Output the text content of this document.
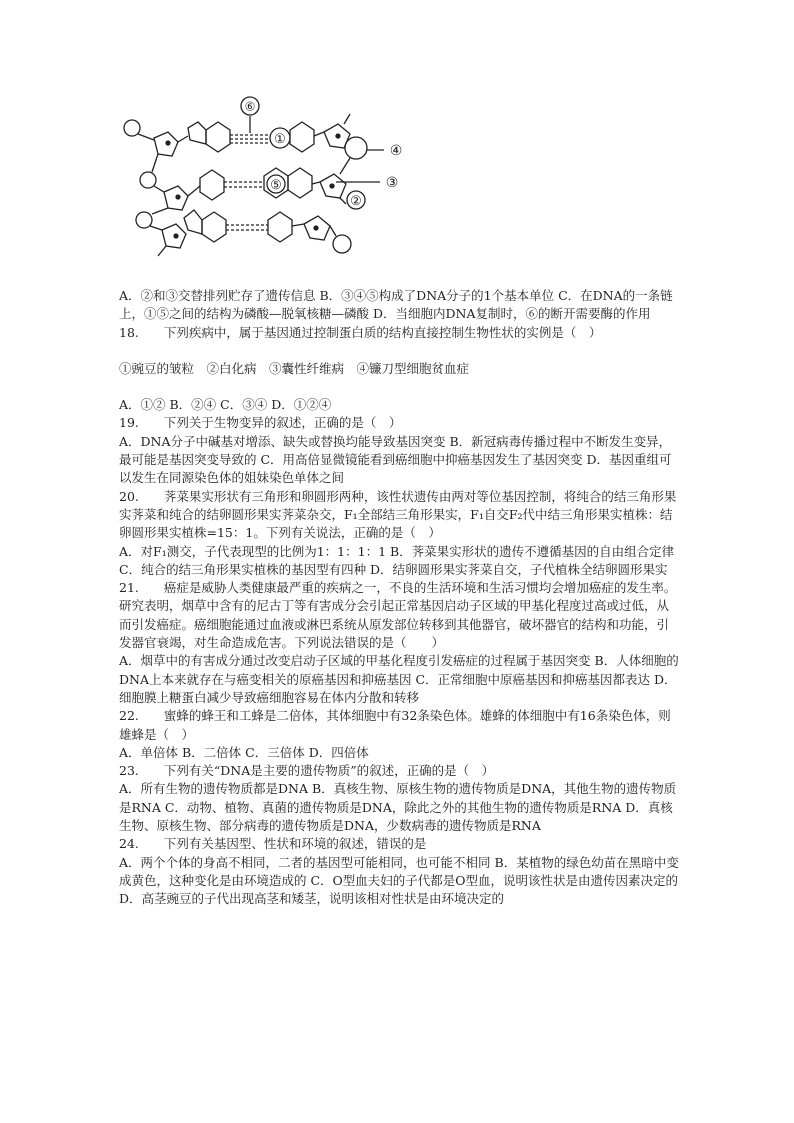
⑥
①
⑤
②
③
④

A．②和③交替排列贮存了遗传信息 B．③④⑤构成了DNA分子的1个基本单位 C．在DNA的一条链上，①⑤之间的结构为磷酸—脱氧核糖—磷酸 D．当细胞内DNA复制时，⑥的断开需要酶的作用

18.　　下列疾病中，属于基因通过控制蛋白质的结构直接控制生物性状的实例是（　）

①豌豆的皱粒　②白化病　③囊性纤维病　④镰刀型细胞贫血症

A．①② B．②④ C．③④ D．①②④

19.　　下列关于生物变异的叙述，正确的是（　）

A．DNA分子中碱基对增添、缺失或替换均能导致基因突变 B．新冠病毒传播过程中不断发生变异，最可能是基因突变导致的 C．用高倍显微镜能看到癌细胞中抑癌基因发生了基因突变 D．基因重组可以发生在同源染色体的姐妹染色单体之间

20.　　荠菜果实形状有三角形和卵圆形两种，该性状遗传由两对等位基因控制，将纯合的结三角形果实荠菜和纯合的结卵圆形果实荠菜杂交，F₁全部结三角形果实，F₁自交F₂代中结三角形果实植株：结卵圆形果实植株=15：1。下列有关说法，正确的是（　）

A．对F₁测交，子代表现型的比例为1：1：1：1 B．荠菜果实形状的遗传不遵循基因的自由组合定律 C．纯合的结三角形果实植株的基因型有四种 D．结卵圆形果实荠菜自交，子代植株全结卵圆形果实

21.　　癌症是威胁人类健康最严重的疾病之一，不良的生活环境和生活习惯均会增加癌症的发生率。研究表明，烟草中含有的尼古丁等有害成分会引起正常基因启动子区域的甲基化程度过高或过低，从而引发癌症。癌细胞能通过血液或淋巴系统从原发部位转移到其他器官，破坏器官的结构和功能，引发器官衰竭，对生命造成危害。下列说法错误的是（　　）

A．烟草中的有害成分通过改变启动子区域的甲基化程度引发癌症的过程属于基因突变 B．人体细胞的DNA上本来就存在与癌变相关的原癌基因和抑癌基因 C．正常细胞中原癌基因和抑癌基因都表达 D．细胞膜上糖蛋白减少导致癌细胞容易在体内分散和转移

22.　　蜜蜂的蜂王和工蜂是二倍体，其体细胞中有32条染色体。雄蜂的体细胞中有16条染色体，则雄蜂是（　）

A．单倍体 B．二倍体 C．三倍体 D．四倍体

23.　　下列有关“DNA是主要的遗传物质”的叙述，正确的是（　）

A．所有生物的遗传物质都是DNA B．真核生物、原核生物的遗传物质是DNA，其他生物的遗传物质是RNA C．动物、植物、真菌的遗传物质是DNA，除此之外的其他生物的遗传物质是RNA D．真核生物、原核生物、部分病毒的遗传物质是DNA，少数病毒的遗传物质是RNA

24.　　下列有关基因型、性状和环境的叙述，错误的是

A．两个个体的身高不相同，二者的基因型可能相同，也可能不相同 B．某植物的绿色幼苗在黑暗中变成黄色，这种变化是由环境造成的 C．O型血夫妇的子代都是O型血，说明该性状是由遗传因素决定的 D．高茎豌豆的子代出现高茎和矮茎，说明该相对性状是由环境决定的
